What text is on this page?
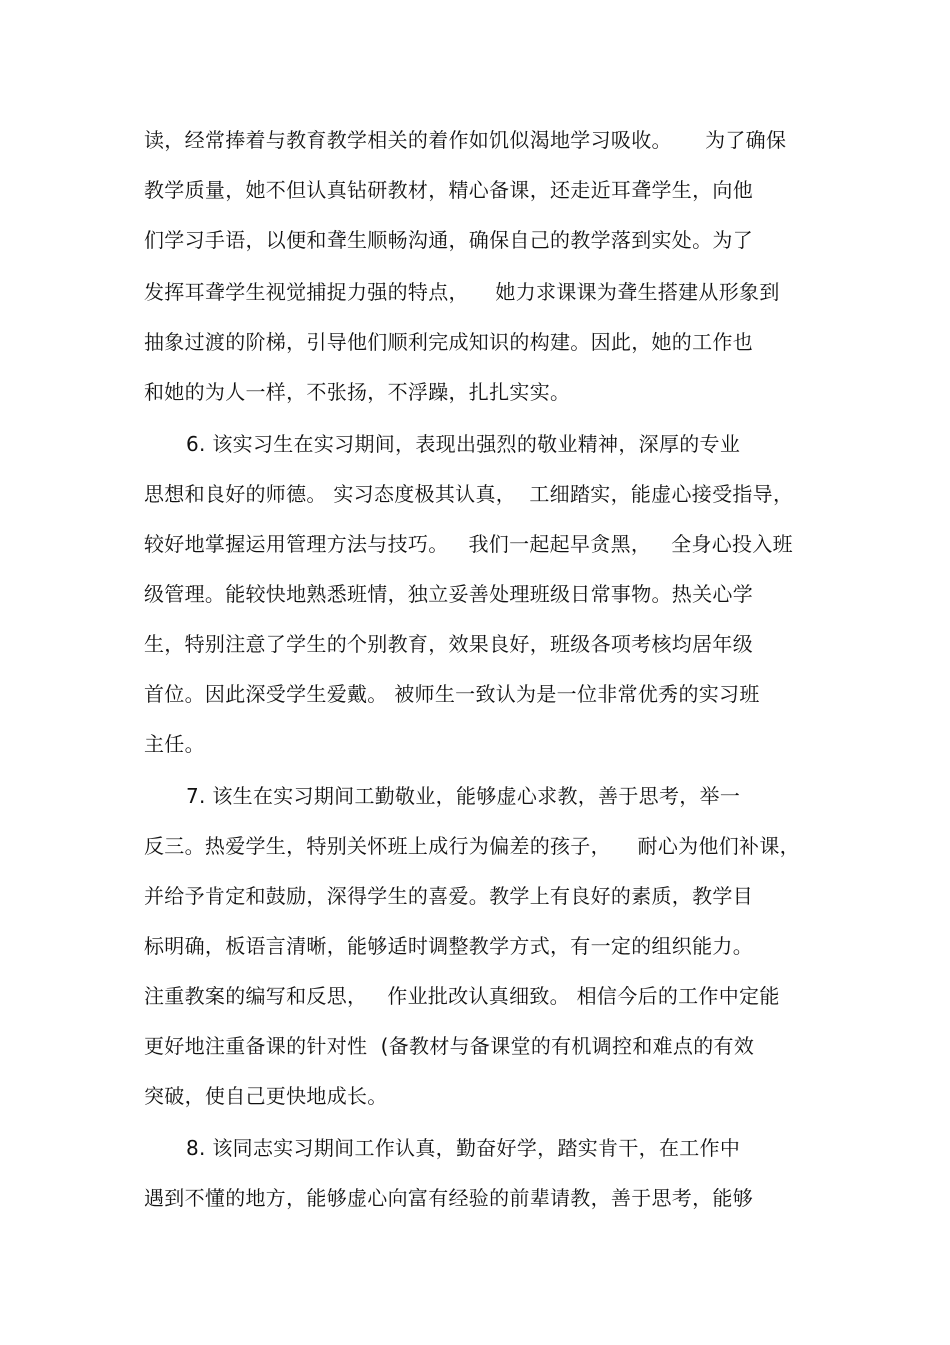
读，经常捧着与教育教学相关的着作如饥似渴地学习吸收。     为了确保
教学质量，她不但认真钻研教材，精心备课，还走近耳聋学生，向他
们学习手语，以便和聋生顺畅沟通，确保自己的教学落到实处。为了
发挥耳聋学生视觉捕捉力强的特点，    她力求课课为聋生搭建从形象到
抽象过渡的阶梯，引导他们顺利完成知识的构建。因此，她的工作也
和她的为人一样，不张扬，不浮躁，扎扎实实。
6. 该实习生在实习期间，表现出强烈的敬业精神，深厚的专业
思想和良好的师德。 实习态度极其认真，  工细踏实，能虚心接受指导，
较好地掌握运用管理方法与技巧。   我们一起起早贪黑，   全身心投入班
级管理。能较快地熟悉班情，独立妥善处理班级日常事物。热关心学
生，特别注意了学生的个别教育，效果良好，班级各项考核均居年级
首位。因此深受学生爱戴。 被师生一致认为是一位非常优秀的实习班
主任。
7. 该生在实习期间工勤敬业，能够虚心求教，善于思考，举一
反三。热爱学生，特别关怀班上成行为偏差的孩子，    耐心为他们补课，
并给予肯定和鼓励，深得学生的喜爱。教学上有良好的素质，教学目
标明确，板语言清晰，能够适时调整教学方式，有一定的组织能力。
注重教案的编写和反思，   作业批改认真细致。 相信今后的工作中定能
更好地注重备课的针对性  (备教材与备课堂的有机调控和难点的有效
突破，使自己更快地成长。
8. 该同志实习期间工作认真，勤奋好学，踏实肯干，在工作中
遇到不懂的地方，能够虚心向富有经验的前辈请教，善于思考，能够
